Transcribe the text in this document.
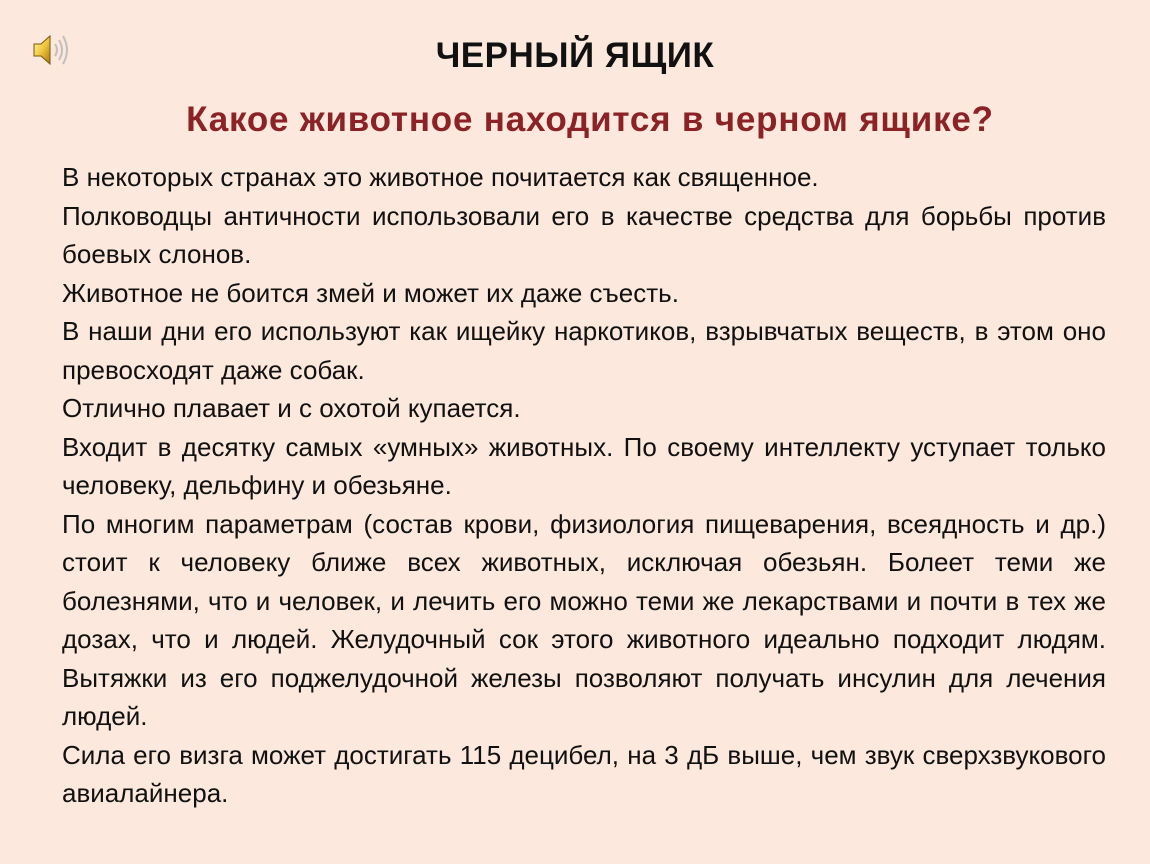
ЧЕРНЫЙ ЯЩИК
Какое животное находится в черном ящике?

В некоторых странах это животное почитается как священное.

Полководцы античности использовали его в качестве средства для борьбы против боевых слонов.

Животное не боится змей и может их даже съесть.

В наши дни его используют как ищейку наркотиков, взрывчатых веществ, в этом оно превосходят даже собак.

Отлично плавает и с охотой купается.

Входит в десятку самых «умных» животных. По своему интеллекту уступает только человеку, дельфину и обезьяне.

По многим параметрам (состав крови, физиология пищеварения, всеядность и др.) стоит к человеку ближе всех животных, исключая обезьян. Болеет теми же болезнями, что и человек, и лечить его можно теми же лекарствами и почти в тех же дозах, что и людей. Желудочный сок этого животного идеально подходит людям. Вытяжки из его поджелудочной железы позволяют получать инсулин для лечения людей.

Сила его визга может достигать 115 децибел, на 3 дБ выше, чем звук сверхзвукового авиалайнера.
